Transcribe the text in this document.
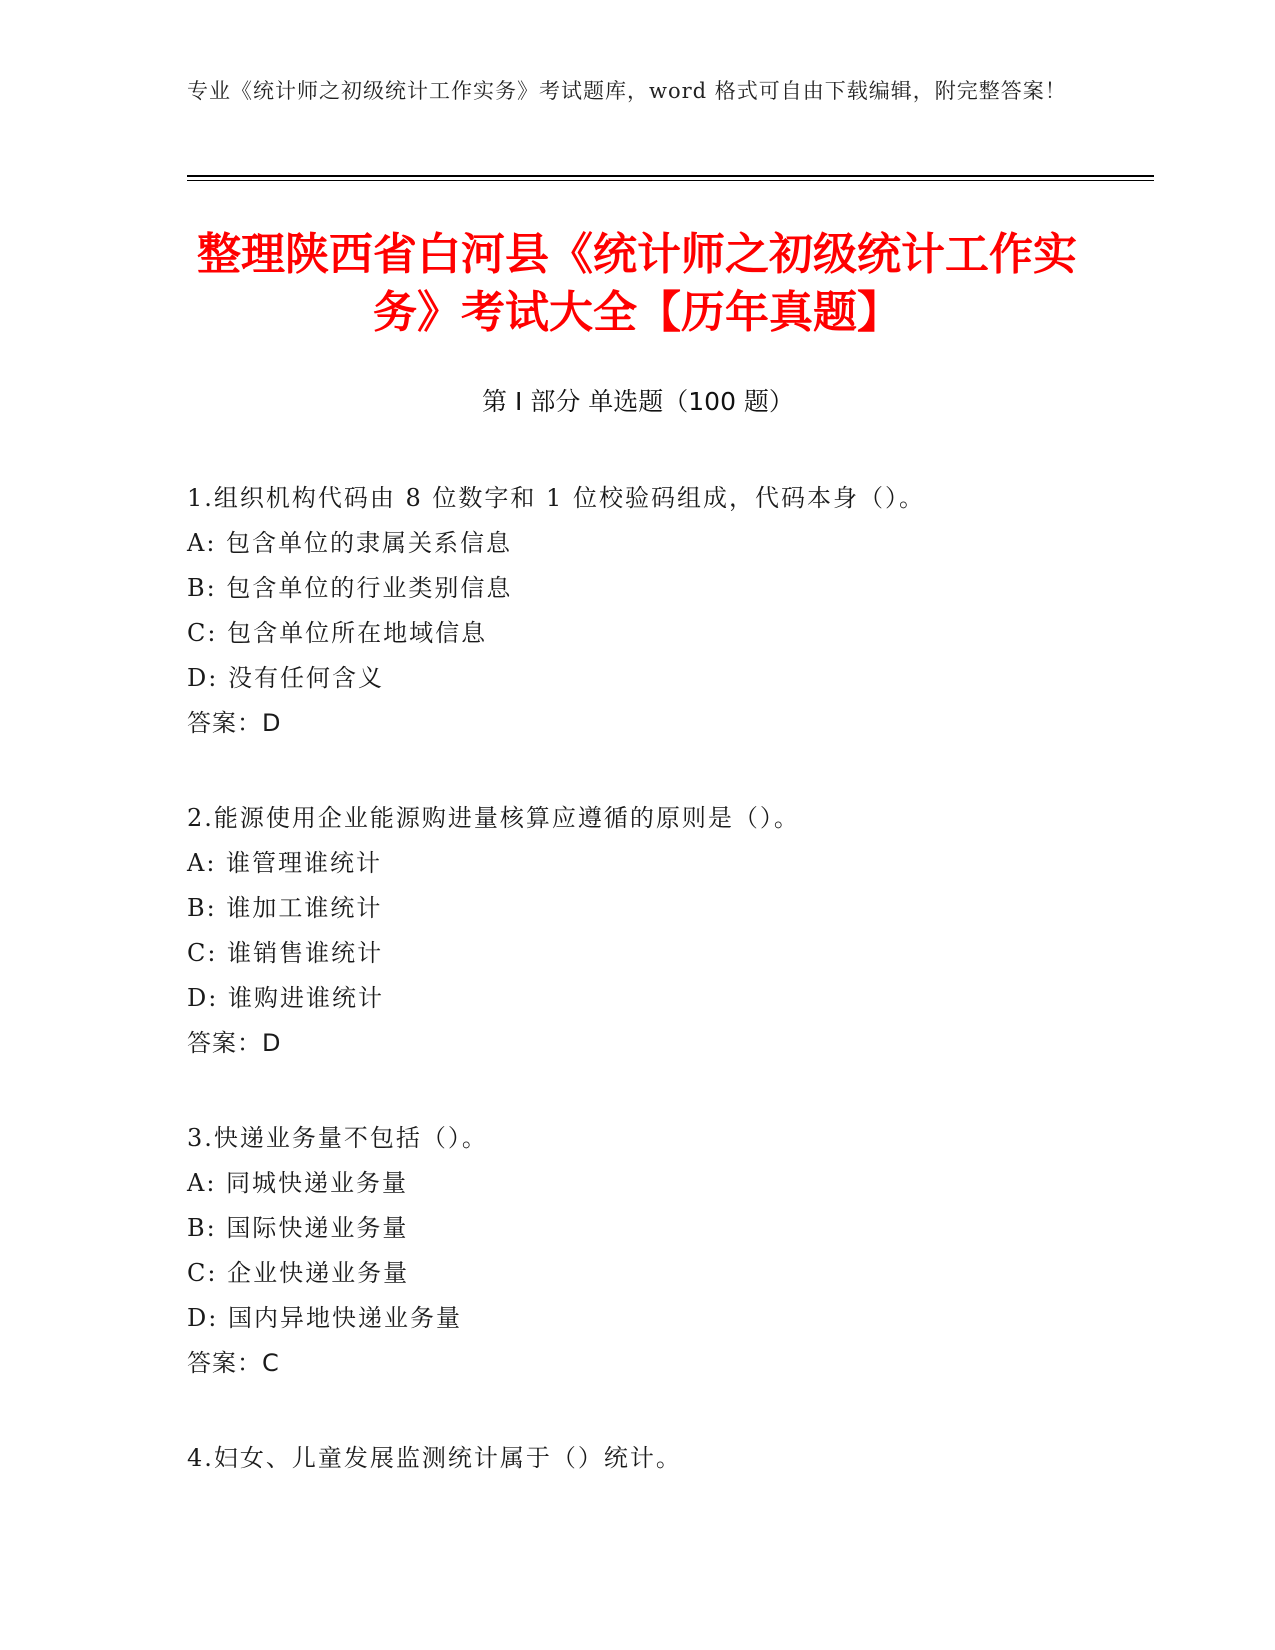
专业《统计师之初级统计工作实务》考试题库，word 格式可自由下载编辑，附完整答案！
整理陕西省白河县《统计师之初级统计工作实务》考试大全【历年真题】
第 I 部分 单选题（100 题）
1.组织机构代码由 8 位数字和 1 位校验码组成，代码本身（）。
A: 包含单位的隶属关系信息
B: 包含单位的行业类别信息
C: 包含单位所在地域信息
D: 没有任何含义
答案：D
2.能源使用企业能源购进量核算应遵循的原则是（）。
A: 谁管理谁统计
B: 谁加工谁统计
C: 谁销售谁统计
D: 谁购进谁统计
答案：D
3.快递业务量不包括（）。
A: 同城快递业务量
B: 国际快递业务量
C: 企业快递业务量
D: 国内异地快递业务量
答案：C
4.妇女、儿童发展监测统计属于（）统计。
